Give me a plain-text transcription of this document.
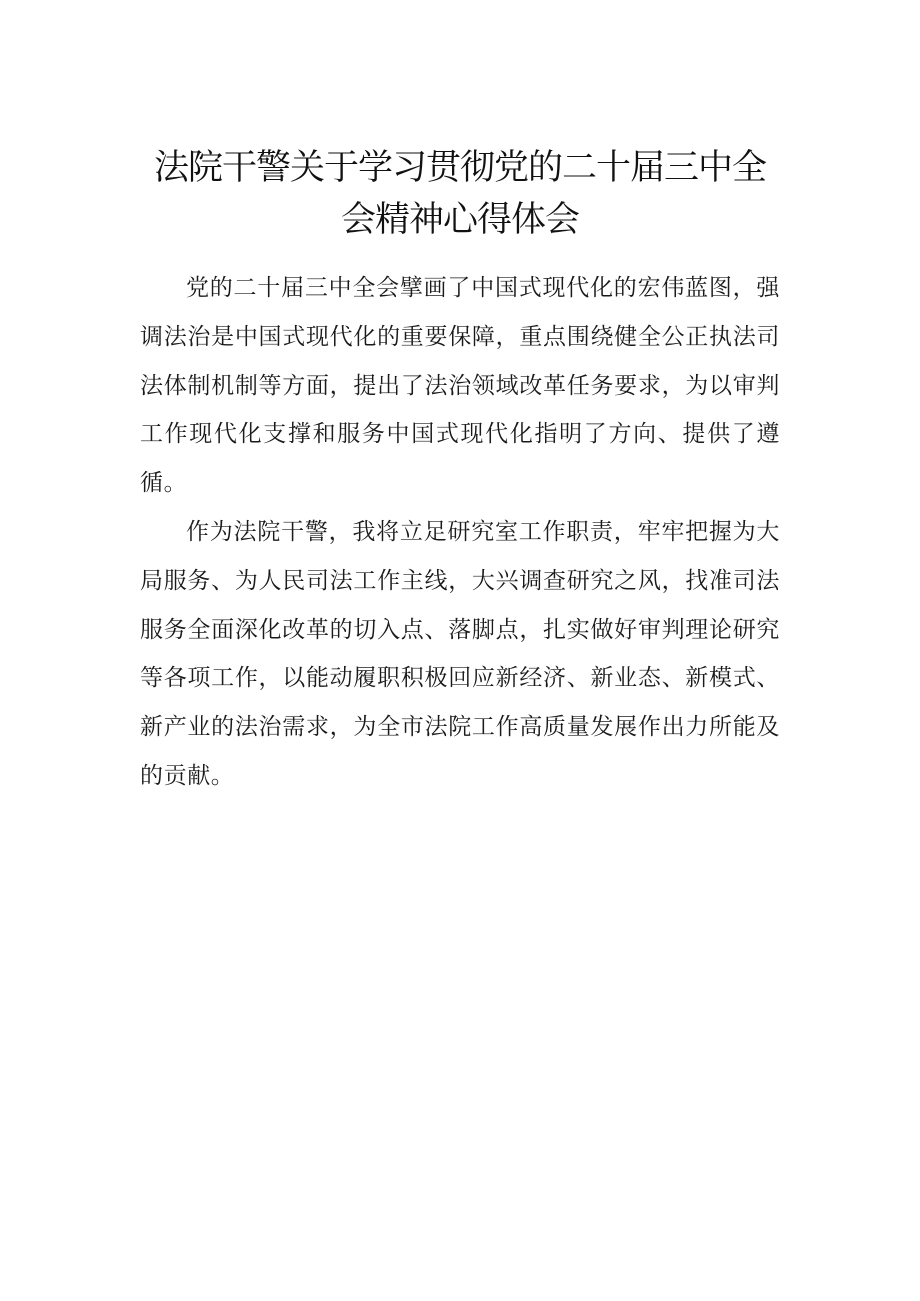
法院干警关于学习贯彻党的二十届三中全
会精神心得体会

党的二十届三中全会擘画了中国式现代化的宏伟蓝图，强调法治是中国式现代化的重要保障，重点围绕健全公正执法司法体制机制等方面，提出了法治领域改革任务要求，为以审判工作现代化支撑和服务中国式现代化指明了方向、提供了遵循。

作为法院干警，我将立足研究室工作职责，牢牢把握为大局服务、为人民司法工作主线，大兴调查研究之风，找准司法服务全面深化改革的切入点、落脚点，扎实做好审判理论研究等各项工作，以能动履职积极回应新经济、新业态、新模式、新产业的法治需求，为全市法院工作高质量发展作出力所能及的贡献。
